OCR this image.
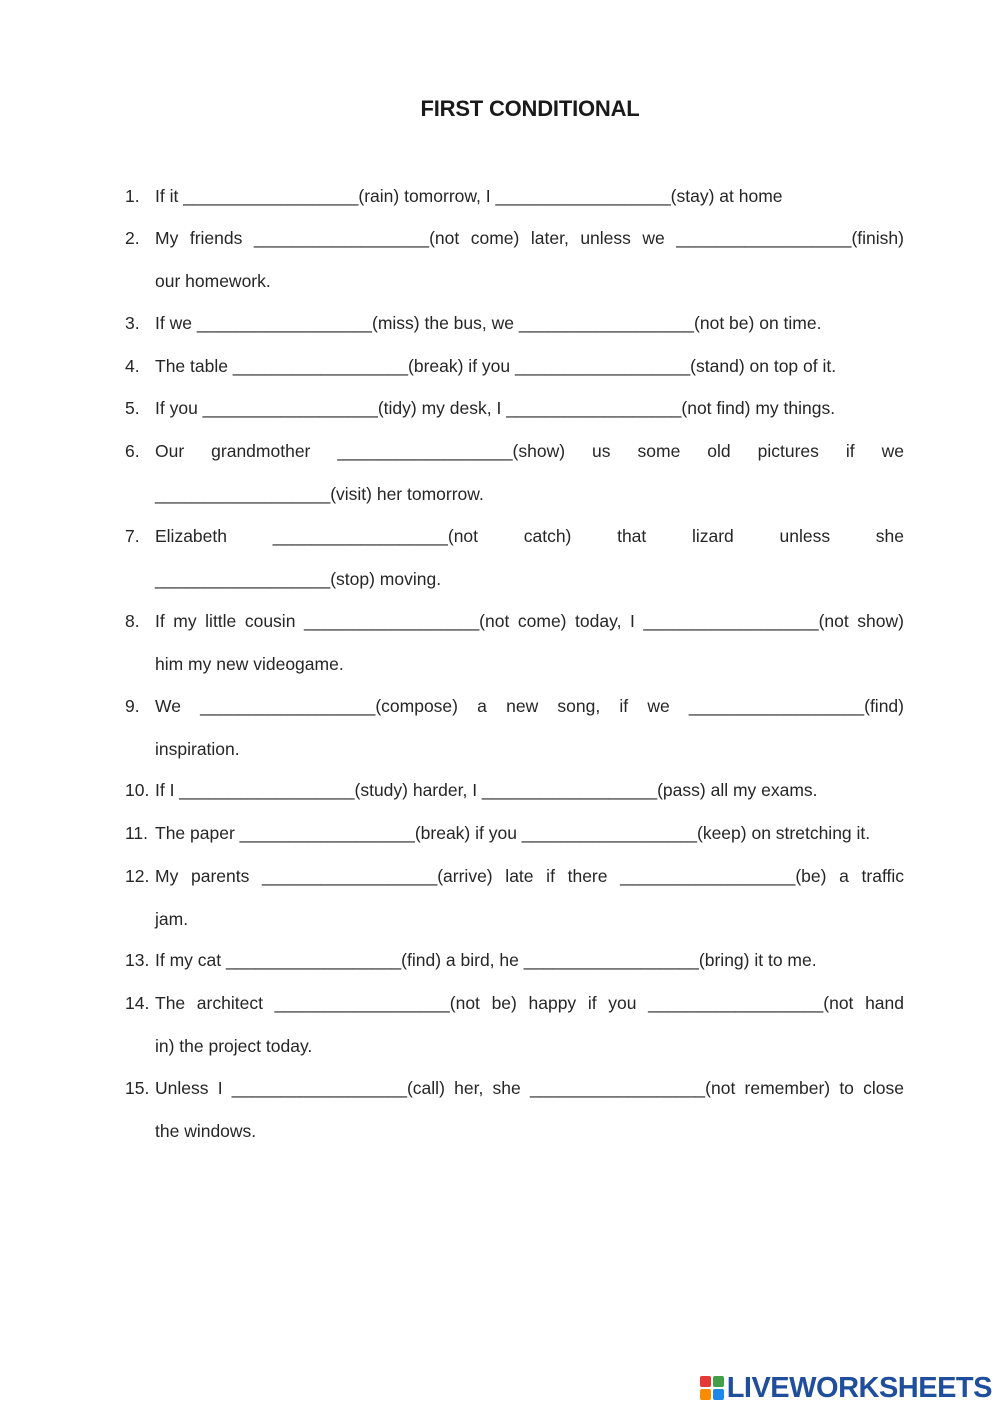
FIRST CONDITIONAL
1. If it __________________(rain) tomorrow, I __________________(stay) at home
2. My friends __________________(not come) later, unless we __________________(finish)
our homework.
3. If we __________________(miss) the bus, we __________________(not be) on time.
4. The table __________________(break) if you __________________(stand) on top of it.
5. If you __________________(tidy) my desk, I __________________(not find) my things.
6. Our grandmother __________________(show) us some old pictures if we
__________________(visit) her tomorrow.
7. Elizabeth __________________(not catch) that lizard unless she
__________________(stop) moving.
8. If my little cousin __________________(not come) today, I __________________(not show)
him my new videogame.
9. We __________________(compose) a new song, if we __________________(find)
inspiration.
10. If I __________________(study) harder, I __________________(pass) all my exams.
11. The paper __________________(break) if you __________________(keep) on stretching it.
12. My parents __________________(arrive) late if there __________________(be) a traffic
jam.
13. If my cat __________________(find) a bird, he __________________(bring) it to me.
14. The architect __________________(not be) happy if you __________________(not hand
in) the project today.
15. Unless I __________________(call) her, she __________________(not remember) to close
the windows.
LIVEWORKSHEETS
